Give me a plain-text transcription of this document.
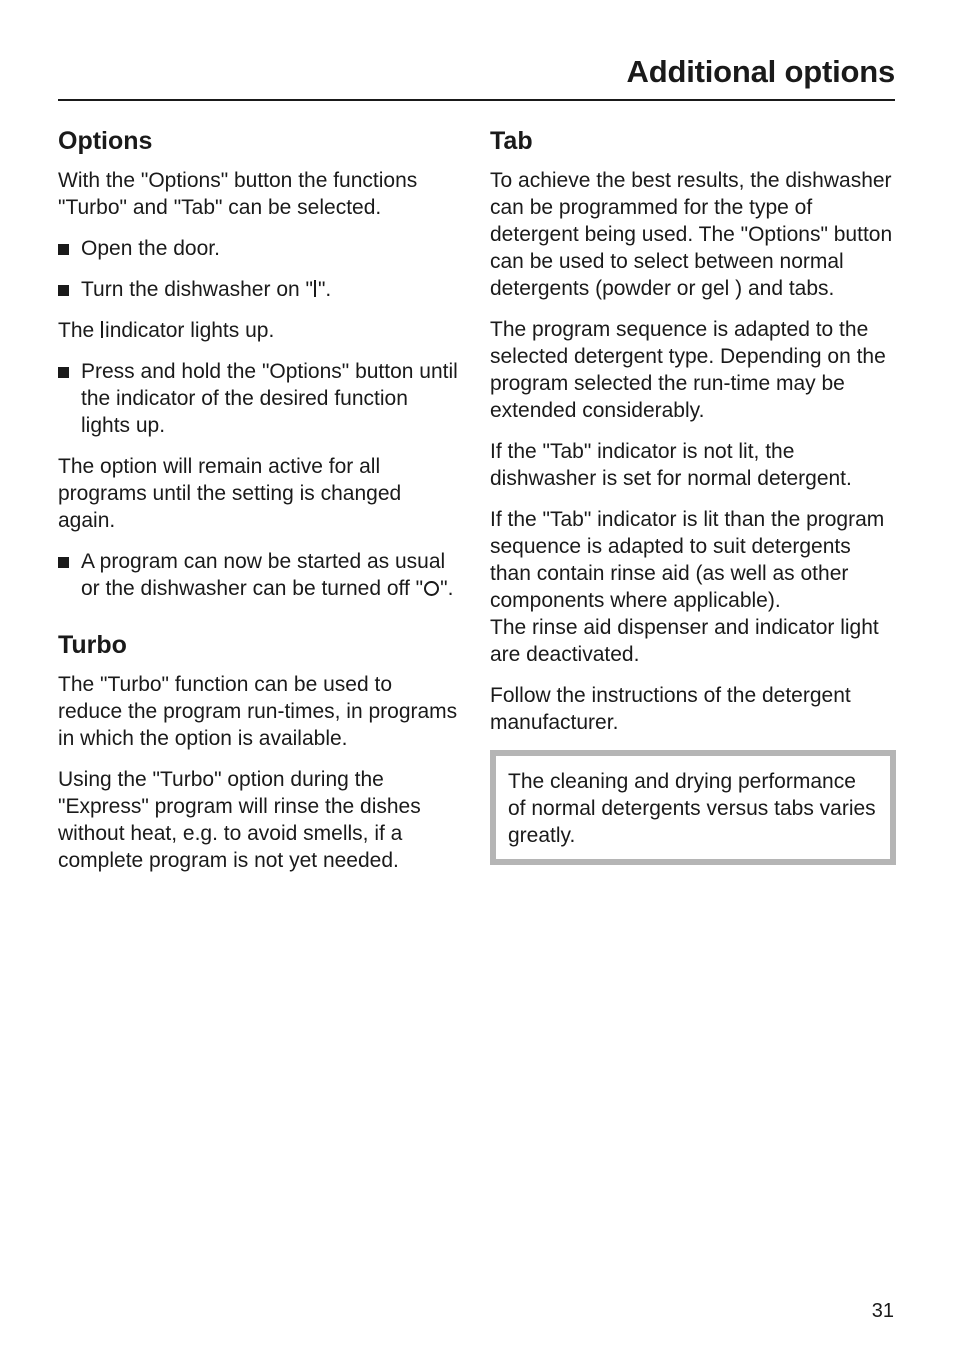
Additional options
Options

With the "Options" button the functions "Turbo" and "Tab" can be selected.

Open the door.
Turn the dishwasher on " ".

The indicator lights up.

Press and hold the "Options" button until the indicator of the desired function lights up.

The option will remain active for all programs until the setting is changed again.

A program can now be started as usual or the dishwasher can be turned off " ".
Turbo

The "Turbo" function can be used to reduce the program run-times, in programs in which the option is available.

Using the "Turbo" option during the "Express" program will rinse the dishes without heat, e.g. to avoid smells, if a complete program is not yet needed.

Tab

To achieve the best results, the dishwasher can be programmed for the type of detergent being used. The "Options" button can be used to select between normal detergents (powder or gel ) and tabs.

The program sequence is adapted to the selected detergent type. Depending on the program selected the run-time may be extended considerably.

If the "Tab" indicator is not lit, the dishwasher is set for normal detergent.

If the "Tab" indicator is lit than the program sequence is adapted to suit detergents than contain rinse aid (as well as other components where applicable).
The rinse aid dispenser and indicator light are deactivated.

Follow the instructions of the detergent manufacturer.

The cleaning and drying performance of normal detergents versus tabs varies greatly.

31
